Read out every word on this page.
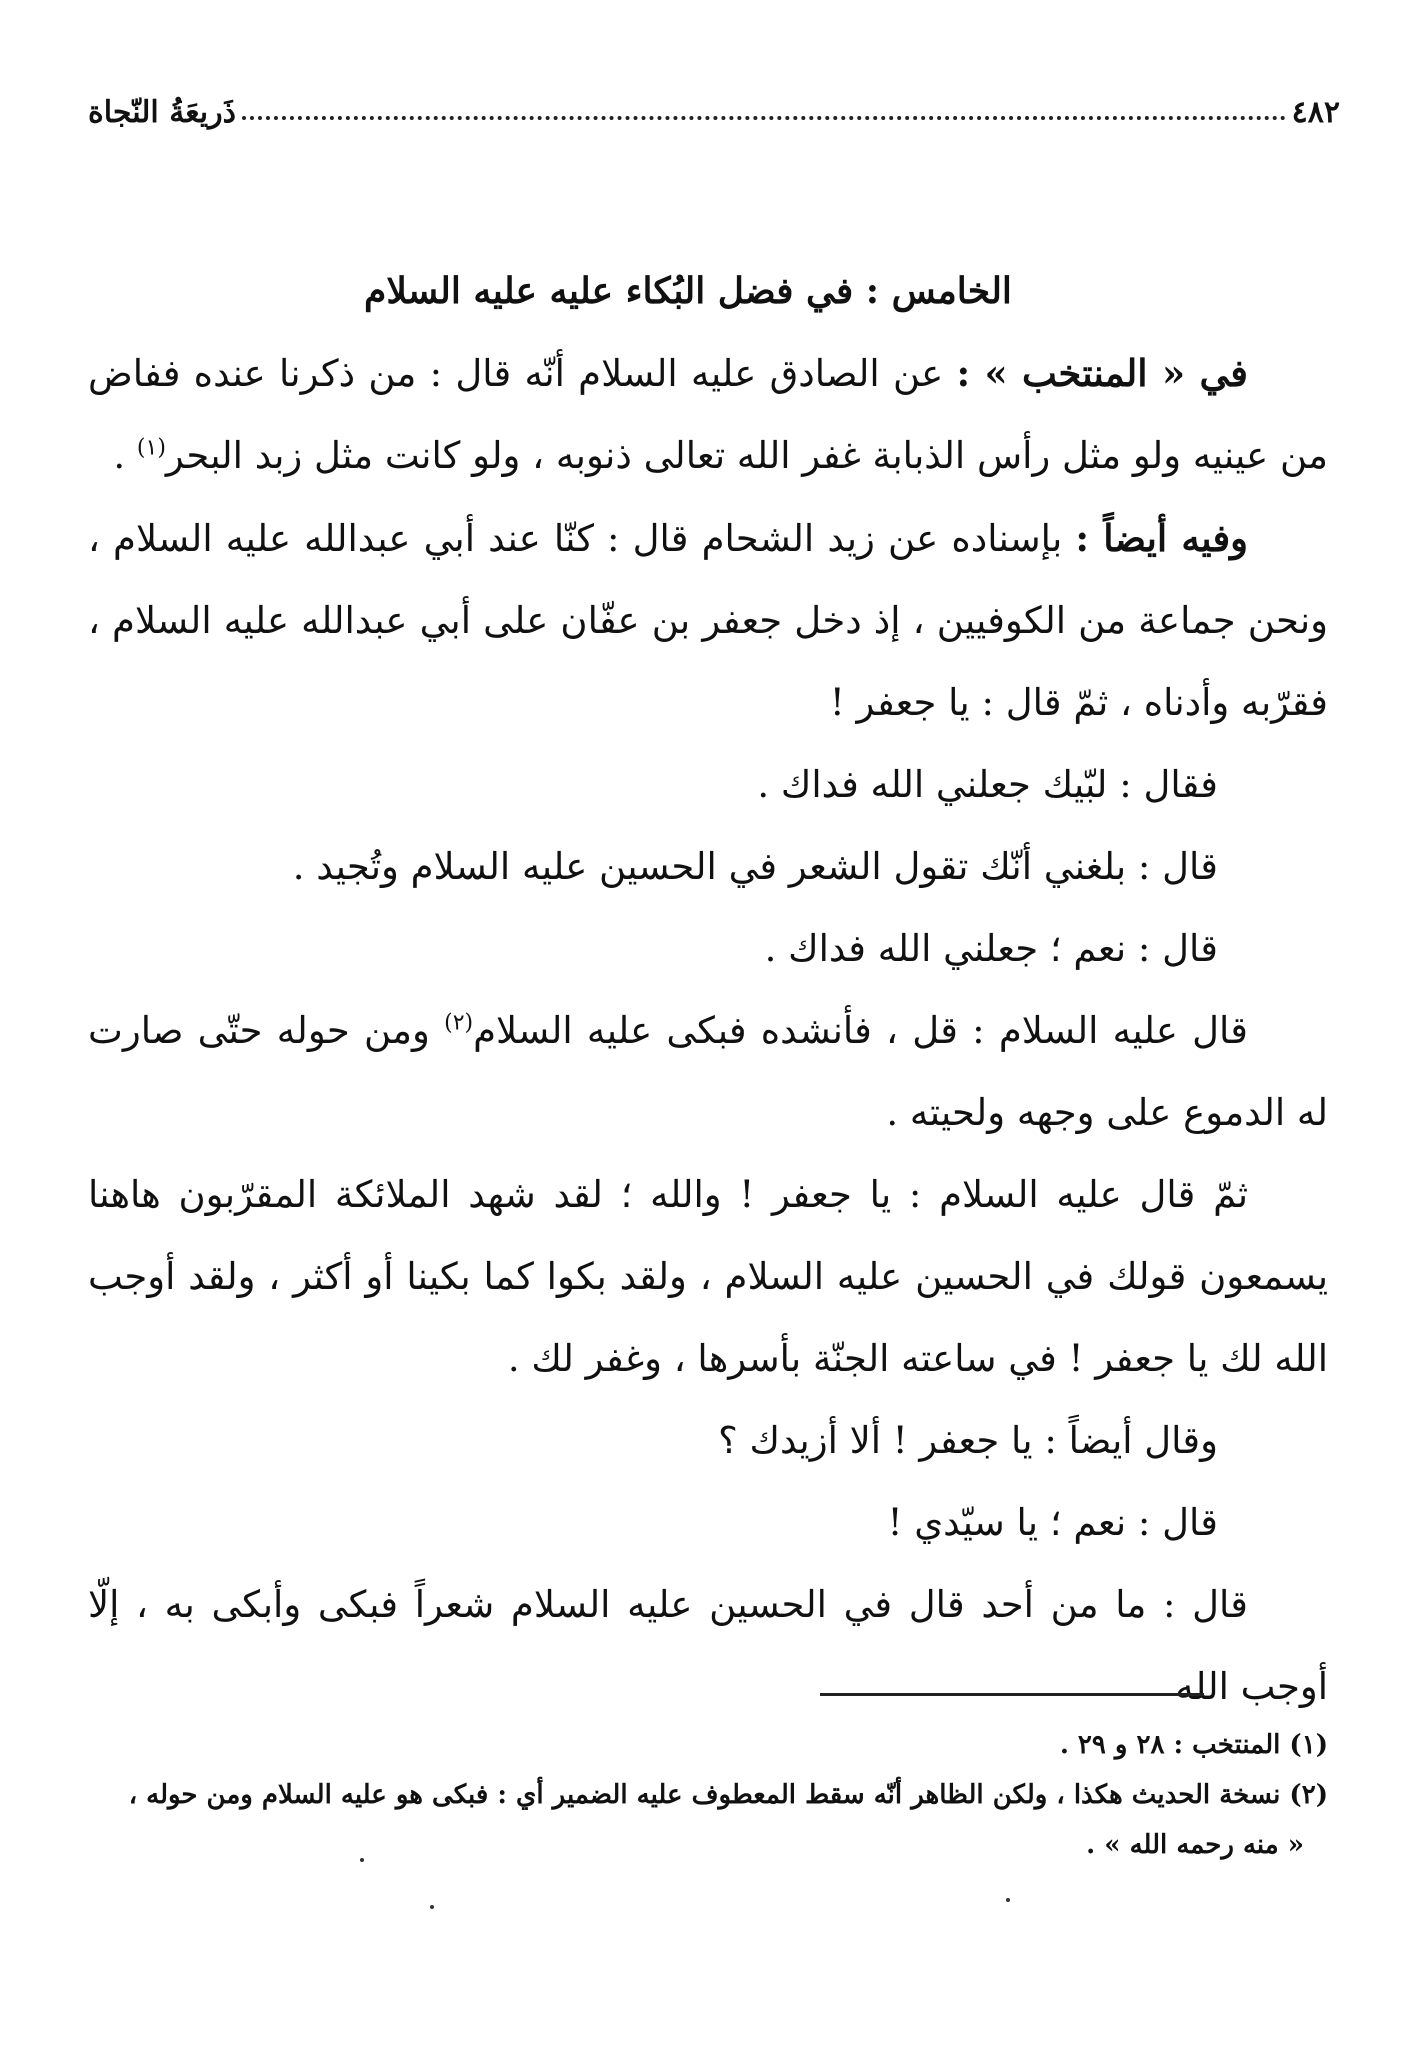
٤٨٢
ذَريعَةُ النّجاة
الخامس : في فضل البُكاء عليه عليه السلام

في « المنتخب » : عن الصادق عليه السلام أنّه قال : من ذكرنا عنده ففاض من عينيه ولو مثل رأس الذبابة غفر الله تعالى ذنوبه ، ولو كانت مثل زبد البحر$^{(١)}$ .

وفيه أيضاً : بإسناده عن زيد الشحام قال : كنّا عند أبي عبدالله عليه السلام ، ونحن جماعة من الكوفيين ، إذ دخل جعفر بن عفّان على أبي عبدالله عليه السلام ، فقرّبه وأدناه ، ثمّ قال : يا جعفر !

فقال : لبّيك جعلني الله فداك .

قال : بلغني أنّك تقول الشعر في الحسين عليه السلام وتُجيد .

قال : نعم ؛ جعلني الله فداك .

قال عليه السلام : قل ، فأنشده فبكى عليه السلام$^{(٢)}$ ومن حوله حتّى صارت له الدموع على وجهه ولحيته .

ثمّ قال عليه السلام : يا جعفر ! والله ؛ لقد شهد الملائكة المقرّبون هاهنا يسمعون قولك في الحسين عليه السلام ، ولقد بكوا كما بكينا أو أكثر ، ولقد أوجب الله لك يا جعفر ! في ساعته الجنّة بأسرها ، وغفر لك .

وقال أيضاً : يا جعفر ! ألا أزيدك ؟

قال : نعم ؛ يا سيّدي !

قال : ما من أحد قال في الحسين عليه السلام شعراً فبكى وأبكى به ، إلّا أوجب الله

(١) المنتخب : ٢٨ و ٢٩ .

(٢) نسخة الحديث هكذا ، ولكن الظاهر أنّه سقط المعطوف عليه الضمير أي : فبكى هو عليه السلام ومن حوله ،

« منه رحمه الله » .
